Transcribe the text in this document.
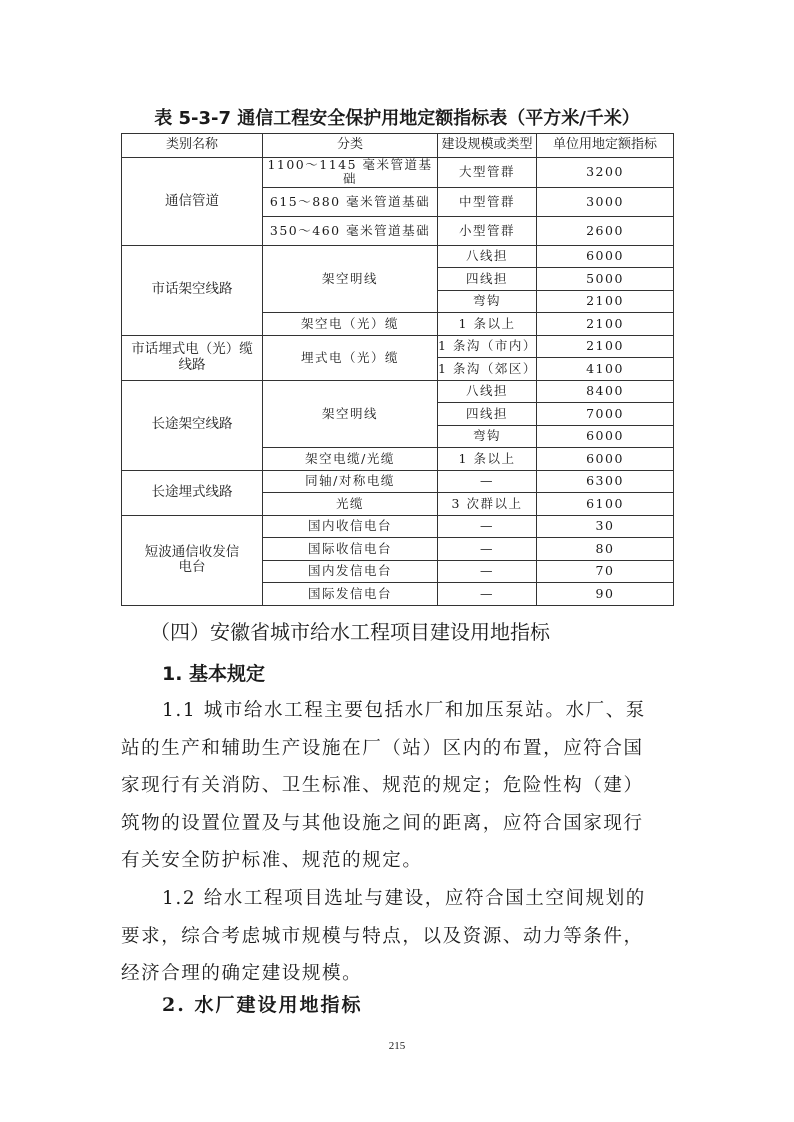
表 5-3-7 通信工程安全保护用地定额指标表（平方米/千米）
类别名称	分类	建设规模或类型	单位用地定额指标
通信管道	1100～1145 毫米管道基础	大型管群	3200
	615～880 毫米管道基础	中型管群	3000
	350～460 毫米管道基础	小型管群	2600
市话架空线路	架空明线	八线担	6000
		四线担	5000
		弯钩	2100
	架空电（光）缆	1 条以上	2100
市话埋式电（光）缆线路	埋式电（光）缆	1 条沟（市内）	2100
		1 条沟（郊区）	4100
长途架空线路	架空明线	八线担	8400
		四线担	7000
		弯钩	6000
	架空电缆/光缆	1 条以上	6000
长途埋式线路	同轴/对称电缆	—	6300
	光缆	3 次群以上	6100
短波通信收发信电台	国内收信电台	—	30
	国际收信电台	—	80
	国内发信电台	—	70
	国际发信电台	—	90
（四）安徽省城市给水工程项目建设用地指标
1. 基本规定
1.1 城市给水工程主要包括水厂和加压泵站。水厂、泵
站的生产和辅助生产设施在厂（站）区内的布置，应符合国
家现行有关消防、卫生标准、规范的规定；危险性构（建）
筑物的设置位置及与其他设施之间的距离，应符合国家现行
有关安全防护标准、规范的规定。
1.2 给水工程项目选址与建设，应符合国土空间规划的
要求，综合考虑城市规模与特点，以及资源、动力等条件，
经济合理的确定建设规模。
2. 水厂建设用地指标
215
